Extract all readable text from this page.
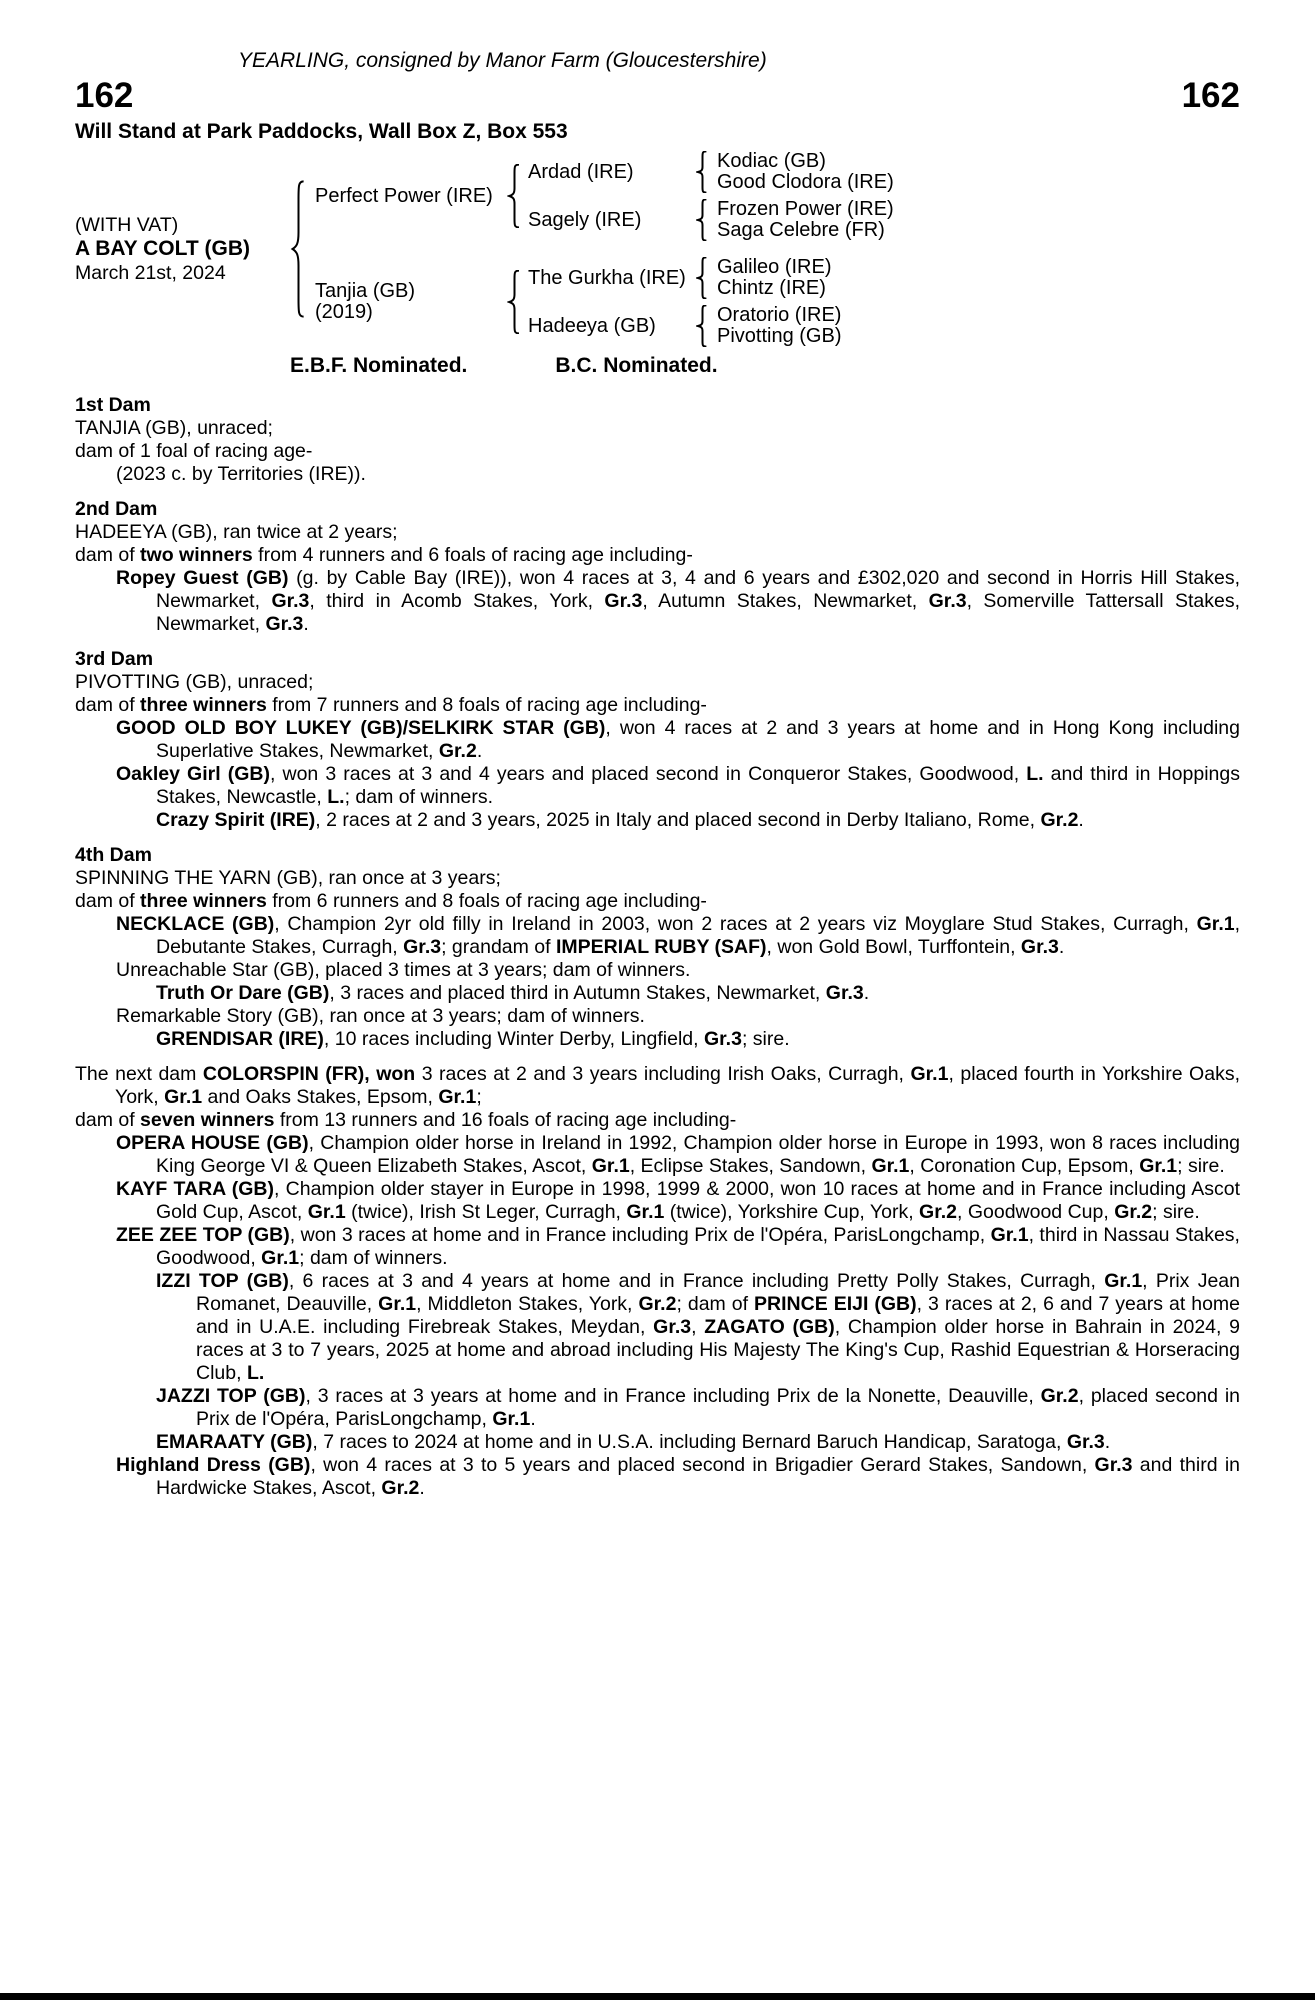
YEARLING, consigned by Manor Farm (Gloucestershire)
162	162
Will Stand at Park Paddocks, Wall Box Z, Box 553
(WITH VAT)
A BAY COLT (GB)
March 21st, 2024
Perfect Power (IRE)
Ardad (IRE)	Kodiac (GB)
Good Clodora (IRE)
Sagely (IRE)	Frozen Power (IRE)
Saga Celebre (FR)
Tanjia (GB)
(2019)
The Gurkha (IRE)	Galileo (IRE)
Chintz (IRE)
Hadeeya (GB)	Oratorio (IRE)
Pivotting (GB)
E.B.F. Nominated.	B.C. Nominated.
1st Dam

TANJIA (GB), unraced;

dam of 1 foal of racing age-

(2023 c. by Territories (IRE)).

2nd Dam

HADEEYA (GB), ran twice at 2 years;

dam of two winners from 4 runners and 6 foals of racing age including-

Ropey Guest (GB) (g. by Cable Bay (IRE)), won 4 races at 3, 4 and 6 years and £302,020 and second in Horris Hill Stakes, Newmarket, Gr.3, third in Acomb Stakes, York, Gr.3, Autumn Stakes, Newmarket, Gr.3, Somerville Tattersall Stakes, Newmarket, Gr.3.

3rd Dam

PIVOTTING (GB), unraced;

dam of three winners from 7 runners and 8 foals of racing age including-

GOOD OLD BOY LUKEY (GB)/SELKIRK STAR (GB), won 4 races at 2 and 3 years at home and in Hong Kong including Superlative Stakes, Newmarket, Gr.2.

Oakley Girl (GB), won 3 races at 3 and 4 years and placed second in Conqueror Stakes, Goodwood, L. and third in Hoppings Stakes, Newcastle, L.; dam of winners.

Crazy Spirit (IRE), 2 races at 2 and 3 years, 2025 in Italy and placed second in Derby Italiano, Rome, Gr.2.

4th Dam

SPINNING THE YARN (GB), ran once at 3 years;

dam of three winners from 6 runners and 8 foals of racing age including-

NECKLACE (GB), Champion 2yr old filly in Ireland in 2003, won 2 races at 2 years viz Moyglare Stud Stakes, Curragh, Gr.1, Debutante Stakes, Curragh, Gr.3; grandam of IMPERIAL RUBY (SAF), won Gold Bowl, Turffontein, Gr.3.

Unreachable Star (GB), placed 3 times at 3 years; dam of winners.

Truth Or Dare (GB), 3 races and placed third in Autumn Stakes, Newmarket, Gr.3.

Remarkable Story (GB), ran once at 3 years; dam of winners.

GRENDISAR (IRE), 10 races including Winter Derby, Lingfield, Gr.3; sire.

The next dam COLORSPIN (FR), won 3 races at 2 and 3 years including Irish Oaks, Curragh, Gr.1, placed fourth in Yorkshire Oaks, York, Gr.1 and Oaks Stakes, Epsom, Gr.1;

dam of seven winners from 13 runners and 16 foals of racing age including-

OPERA HOUSE (GB), Champion older horse in Ireland in 1992, Champion older horse in Europe in 1993, won 8 races including King George VI & Queen Elizabeth Stakes, Ascot, Gr.1, Eclipse Stakes, Sandown, Gr.1, Coronation Cup, Epsom, Gr.1; sire.

KAYF TARA (GB), Champion older stayer in Europe in 1998, 1999 & 2000, won 10 races at home and in France including Ascot Gold Cup, Ascot, Gr.1 (twice), Irish St Leger, Curragh, Gr.1 (twice), Yorkshire Cup, York, Gr.2, Goodwood Cup, Gr.2; sire.

ZEE ZEE TOP (GB), won 3 races at home and in France including Prix de l'Opéra, ParisLongchamp, Gr.1, third in Nassau Stakes, Goodwood, Gr.1; dam of winners.

IZZI TOP (GB), 6 races at 3 and 4 years at home and in France including Pretty Polly Stakes, Curragh, Gr.1, Prix Jean Romanet, Deauville, Gr.1, Middleton Stakes, York, Gr.2; dam of PRINCE EIJI (GB), 3 races at 2, 6 and 7 years at home and in U.A.E. including Firebreak Stakes, Meydan, Gr.3, ZAGATO (GB), Champion older horse in Bahrain in 2024, 9 races at 3 to 7 years, 2025 at home and abroad including His Majesty The King's Cup, Rashid Equestrian & Horseracing Club, L.

JAZZI TOP (GB), 3 races at 3 years at home and in France including Prix de la Nonette, Deauville, Gr.2, placed second in Prix de l'Opéra, ParisLongchamp, Gr.1.

EMARAATY (GB), 7 races to 2024 at home and in U.S.A. including Bernard Baruch Handicap, Saratoga, Gr.3.

Highland Dress (GB), won 4 races at 3 to 5 years and placed second in Brigadier Gerard Stakes, Sandown, Gr.3 and third in Hardwicke Stakes, Ascot, Gr.2.
